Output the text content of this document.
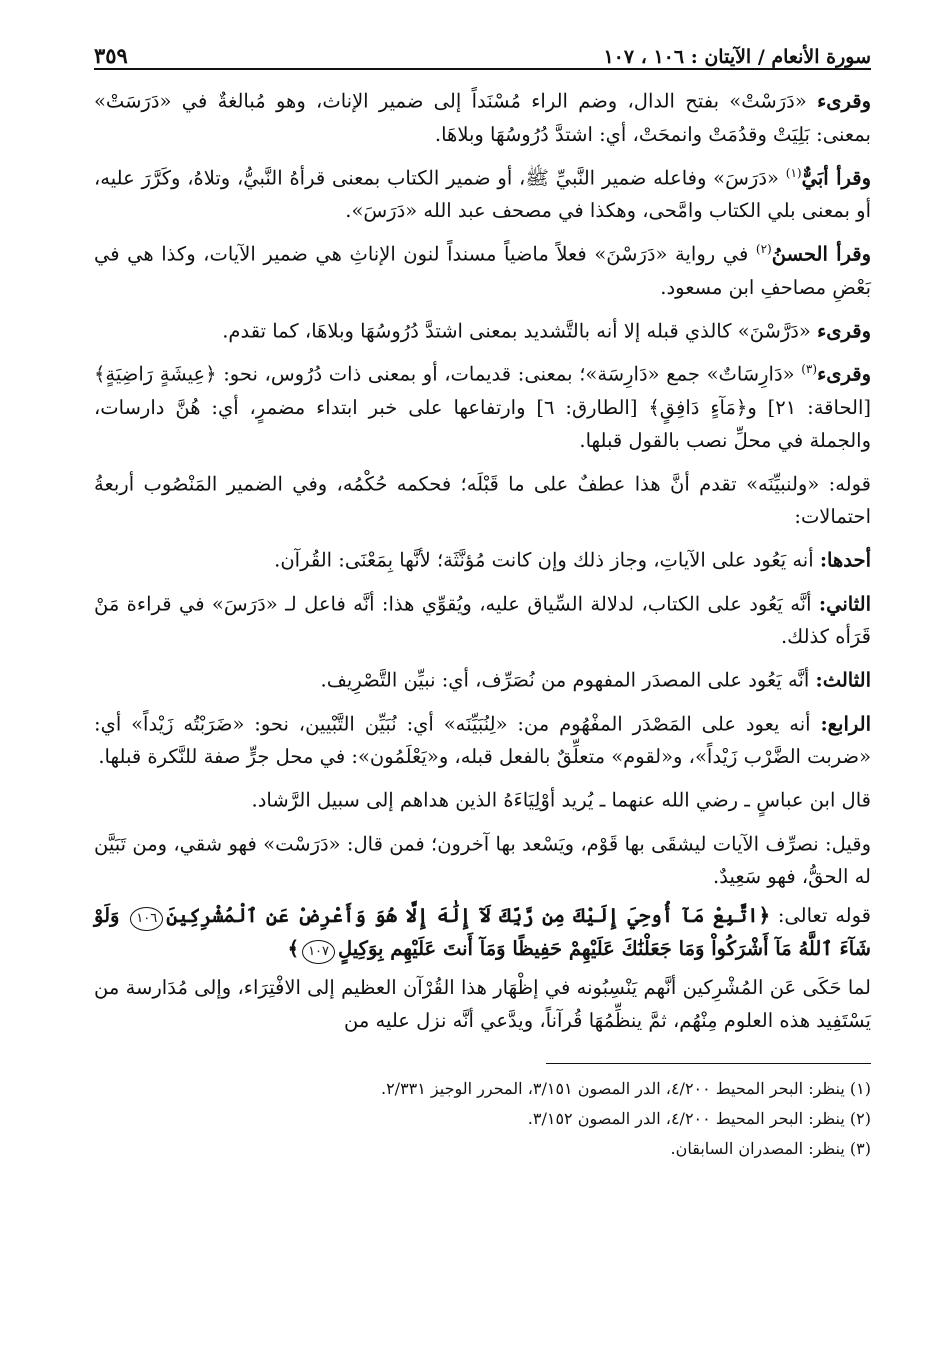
سورة الأنعام / الآيتان : ١٠٦ ، ١٠٧
٣٥٩

وقرىء «دَرَسْتْ» بفتح الدال، وضم الراء مُسْنَداً إلى ضمير الإناث، وهو مُبالغةٌ في «دَرَسَتْ» بمعنى: بَلِيَتْ وقدُمَتْ وانمحَتْ، أي: اشتدَّ دُرُوسُهَا وبلاهَا.

وقرأ أبَيٌّ$^{(١)}$ «دَرَسَ» وفاعله ضمير النَّبيِّ ﷺ، أو ضمير الكتاب بمعنى قرأهُ النَّبيُّ، وتلاهُ، وكَرَّرَ عليه، أو بمعنى بلي الكتاب وامَّحى، وهكذا في مصحف عبد الله «دَرَسَ».

وقرأ الحسنُ$^{(٢)}$ في رواية «دَرَسْنَ» فعلاً ماضياً مسنداً لنون الإناثِ هي ضمير الآيات، وكذا هي في بَعْضِ مصاحفِ ابن مسعود.

وقرىء «دَرَّسْنَ» كالذي قبله إلا أنه بالتَّشديد بمعنى اشتدَّ دُرُوسُهَا وبلاهَا، كما تقدم.

وقرىء$^{(٣)}$ «دَارِسَاتٌ» جمع «دَارِسَة»؛ بمعنى: قديمات، أو بمعنى ذات دُرُوس، نحو: ﴿عِيشَةٍ رَاضِيَةٍ﴾ [الحاقة: ٢١] و﴿مَآءٍ دَافِقٍ﴾ [الطارق: ٦] وارتفاعها على خبر ابتداء مضمرٍ، أي: هُنَّ دارسات، والجملة في محلِّ نصب بالقول قبلها.

قوله: «ولنبيِّنَه» تقدم أنَّ هذا عطفٌ على ما قَبْلَه؛ فحكمه حُكْمُه، وفي الضمير المَنْصُوب أربعةُ احتمالات:

أحدها: أنه يَعُود على الآياتِ، وجاز ذلك وإن كانت مُؤنَّثَة؛ لأنَّها بِمَعْنَى: القُرآن.

الثاني: أنَّه يَعُود على الكتاب، لدلالة السِّياق عليه، ويُقوِّي هذا: أنَّه فاعل لـ «دَرَسَ» في قراءة مَنْ قَرَأه كذلك.

الثالث: أنَّه يَعُود على المصدَر المفهوم من نُصَرِّف، أي: نبيِّن التَّصْرِيف.

الرابع: أنه يعود على المَصْدَر المفْهُوم من: «لِنُبَيِّنَه» أي: نُبَيِّن التَّبْيين، نحو: «ضَرَبْتُه زَيْداً» أي: «ضربت الضَّرْب زَيْداً»، و«لقوم» متعلِّقٌ بالفعل قبله، و«يَعْلَمُون»: في محل جرٍّ صفة للنَّكرة قبلها.

قال ابن عباسٍ ـ رضي الله عنهما ـ يُريد أوْلِيَاءَهُ الذين هداهم إلى سبيل الرَّشاد.

وقيل: نصرِّف الآيات ليشقَى بها قَوْم، ويَسْعد بها آخرون؛ فمن قال: «دَرَسْت» فهو شقي، ومن تَبَيَّن له الحقُّ، فهو سَعِيدٌ.

قوله تعالى: ﴿اتَّبِعْ مَآ أُوحِيَ إِلَيْكَ مِن رَّبِّكَ لَآ إِلَٰهَ إِلَّا هُوَ وَأَعْرِضْ عَنِ ٱلْمُشْرِكِينَ١٠٦ وَلَوْ شَآءَ ٱللَّهُ مَآ أَشْرَكُواْ وَمَا جَعَلْنَٰكَ عَلَيْهِمْ حَفِيظًا وَمَآ أَنتَ عَلَيْهِم بِوَكِيلٍ١٠٧﴾

لما حَكَى عَن المُشْرِكين أنَّهم يَنْسِبُونه في إظْهَار هذا القُرْآن العظيم إلى الافْتِرَاء، وإلى مُدَارسة من يَسْتَفِيد هذه العلوم مِنْهُم، ثمَّ ينظِّمُهَا قُرآناً، ويدَّعي أنَّه نزل عليه من

(١) ينظر: البحر المحيط ٤/٢٠٠، الدر المصون ٣/١٥١، المحرر الوجيز ٢/٣٣١.

(٢) ينظر: البحر المحيط ٤/٢٠٠، الدر المصون ٣/١٥٢.

(٣) ينظر: المصدران السابقان.
